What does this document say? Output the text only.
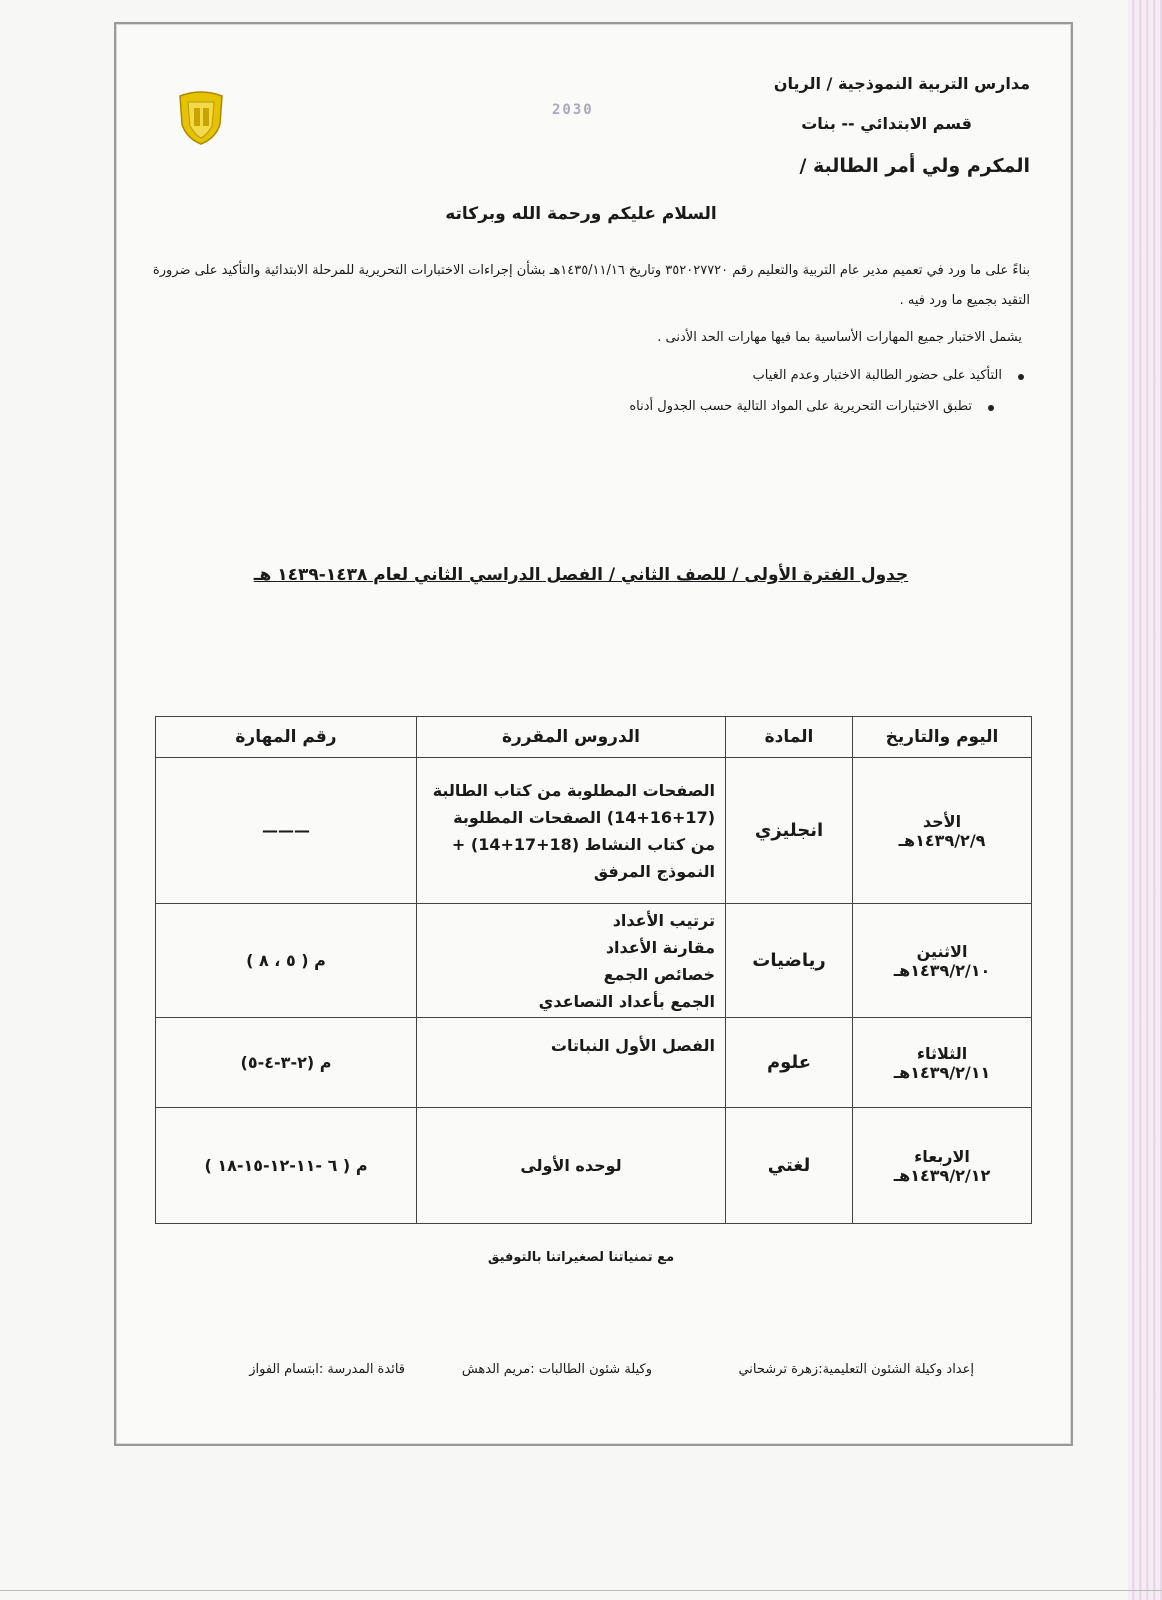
2030
مدارس التربية النموذجية / الريان
قسم الابتدائي -- بنات
المكرم ولي أمر الطالبة /
السلام عليكم ورحمة الله وبركاته
بناءً على ما ورد في تعميم مدير عام التربية والتعليم رقم ٣٥٢٠٢٧٧٢٠ وتاريخ ١٤٣٥/١١/١٦هـ بشأن إجراءات الاختبارات التحريرية للمرحلة الابتدائية والتأكيد على ضرورة التقيد بجميع ما ورد فيه .
يشمل الاختبار جميع المهارات الأساسية بما فيها مهارات الحد الأدنى .
التأكيد على حضور الطالبة الاختبار وعدم الغياب
تطبق الاختبارات التحريرية على المواد التالية حسب الجدول أدناه
جدول الفترة الأولى / للصف الثاني / الفصل الدراسي الثاني لعام ١٤٣٨-١٤٣٩ هـ
اليوم والتاريخ	المادة	الدروس المقررة	رقم المهارة

الأحد
١٤٣٩/٢/٩هـ	انجليزي	الصفحات المطلوبة من كتاب الطالبة (17+16+14) الصفحات المطلوبة من كتاب النشاط (18+17+14) + النموذج المرفق	———

الاثنين
١٤٣٩/٢/١٠هـ	رياضيات	ترتيب الأعداد
مقارنة الأعداد
خصائص الجمع
الجمع بأعداد التصاعدي	م ( ٥ ، ٨ )

الثلاثاء
١٤٣٩/٢/١١هـ	علوم	الفصل الأول النباتات	م (٢-٣-٤-٥)

الاربعاء
١٤٣٩/٢/١٢هـ	لغتي	لوحده الأولى	م ( ٦ -١١-١٢-١٥-١٨ )
مع تمنياتنا لصغيراتنا بالتوفيق
إعداد وكيلة الشئون التعليمية:زهرة ترشحاني
وكيلة شئون الطالبات :مريم الدهش
قائدة المدرسة :ابتسام الفواز
